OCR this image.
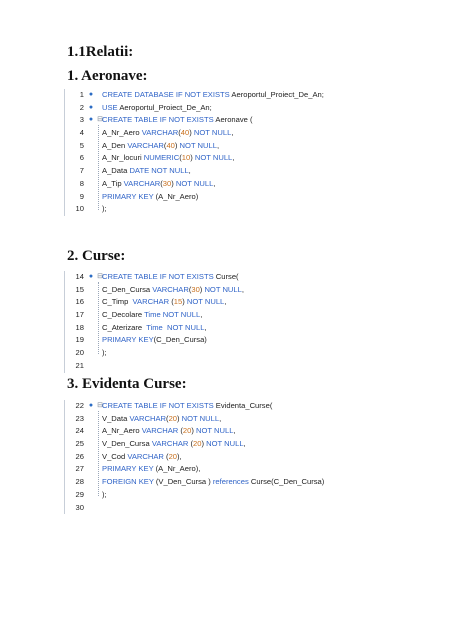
1.1Relatii:
1. Aeronave:
1 ●	CREATE DATABASE IF NOT EXISTS Aeroportul_Proiect_De_An;
2 ●	USE Aeroportul_Proiect_De_An;
3 ● ⊟ CREATE TABLE IF NOT EXISTS Aeronave (
4 A_Nr_Aero VARCHAR(40) NOT NULL,
5 A_Den VARCHAR(40) NOT NULL,
6 A_Nr_locuri NUMERIC(10) NOT NULL,
7 A_Data DATE NOT NULL,
8 A_Tip VARCHAR(30) NOT NULL,
9 PRIMARY KEY (A_Nr_Aero)
10 );
2. Curse:
14 ● ⊟ CREATE TABLE IF NOT EXISTS Curse(
15 C_Den_Cursa VARCHAR(30) NOT NULL,
16 C_Timp  VARCHAR (15) NOT NULL,
17 C_Decolare Time NOT NULL,
18 C_Aterizare  Time  NOT NULL,
19 PRIMARY KEY(C_Den_Cursa)
20 );
21
3. Evidenta Curse:
22 ● ⊟ CREATE TABLE IF NOT EXISTS Evidenta_Curse(
23 V_Data VARCHAR(20) NOT NULL,
24 A_Nr_Aero VARCHAR (20) NOT NULL,
25 V_Den_Cursa VARCHAR (20) NOT NULL,
26 V_Cod VARCHAR (20),
27 PRIMARY KEY (A_Nr_Aero),
28 FOREIGN KEY (V_Den_Cursa ) references Curse(C_Den_Cursa)
29 );
30
